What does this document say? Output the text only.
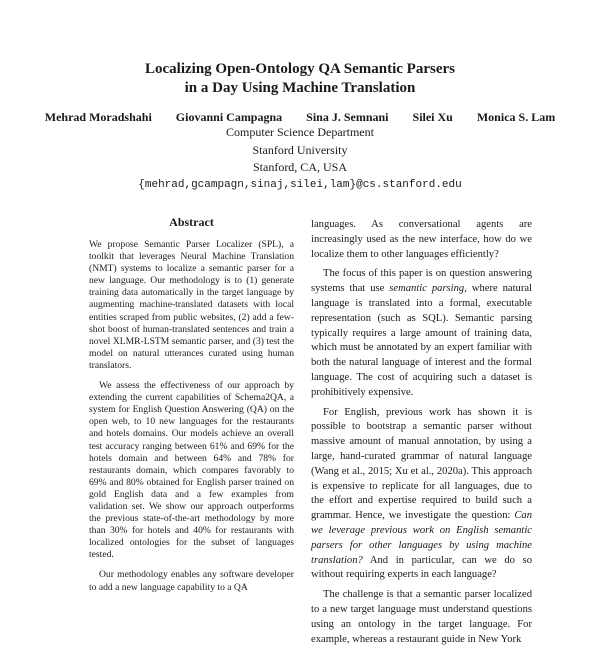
Localizing Open-Ontology QA Semantic Parsers
in a Day Using Machine Translation
Mehrad Moradshahi Giovanni Campagna Sina J. Semnani Silei Xu Monica S. Lam
Computer Science Department
Stanford University
Stanford, CA, USA
{mehrad,gcampagn,sinaj,silei,lam}@cs.stanford.edu
Abstract

We propose Semantic Parser Localizer (SPL), a toolkit that leverages Neural Machine Translation (NMT) systems to localize a semantic parser for a new language. Our methodology is to (1) generate training data automatically in the target language by augmenting machine-translated datasets with local entities scraped from public websites, (2) add a few-shot boost of human-translated sentences and train a novel XLMR-LSTM semantic parser, and (3) test the model on natural utterances curated using human translators.

We assess the effectiveness of our approach by extending the current capabilities of Schema2QA, a system for English Question Answering (QA) on the open web, to 10 new languages for the restaurants and hotels domains. Our models achieve an overall test accuracy ranging between 61% and 69% for the hotels domain and between 64% and 78% for restaurants domain, which compares favorably to 69% and 80% obtained for English parser trained on gold English data and a few examples from validation set. We show our approach outperforms the previous state-of-the-art methodology by more than 30% for hotels and 40% for restaurants with localized ontologies for the subset of languages tested.

Our methodology enables any software developer to add a new language capability to a QA

languages. As conversational agents are increasingly used as the new interface, how do we localize them to other languages efficiently?

The focus of this paper is on question answering systems that use semantic parsing, where natural language is translated into a formal, executable representation (such as SQL). Semantic parsing typically requires a large amount of training data, which must be annotated by an expert familiar with both the natural language of interest and the formal language. The cost of acquiring such a dataset is prohibitively expensive.

For English, previous work has shown it is possible to bootstrap a semantic parser without massive amount of manual annotation, by using a large, hand-curated grammar of natural language (Wang et al., 2015; Xu et al., 2020a). This approach is expensive to replicate for all languages, due to the effort and expertise required to build such a grammar. Hence, we investigate the question: Can we leverage previous work on English semantic parsers for other languages by using machine translation? And in particular, can we do so without requiring experts in each language?

The challenge is that a semantic parser localized to a new target language must understand questions using an ontology in the target language. For example, whereas a restaurant guide in New York
